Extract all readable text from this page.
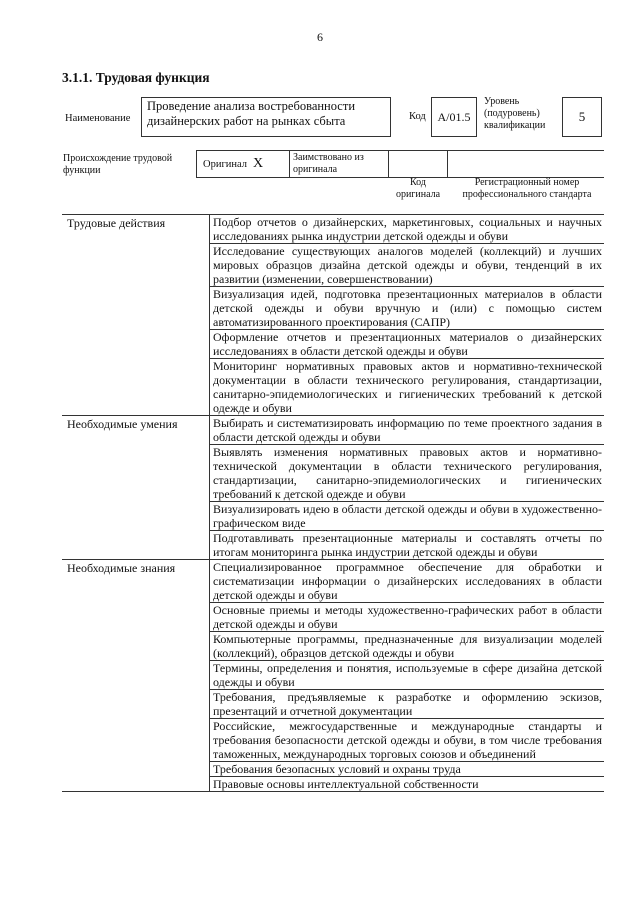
6
3.1.1. Трудовая функция
Наименование
Проведение анализа востребованности дизайнерских работ на рынках сбыта	Код A/01.5
Уровень (подуровень) квалификации
5
Происхождение трудовой функции
Оригинал X	Заимствовано из оригинала
Код оригинала
Регистрационный номер профессионального стандарта
Трудовые действия	Подбор отчетов о дизайнерских, маркетинговых, социальных и научных исследованиях рынка индустрии детской одежды и обуви
Исследование существующих аналогов моделей (коллекций) и лучших мировых образцов дизайна детской одежды и обуви, тенденций в их развитии (изменении, совершенствовании)
Визуализация идей, подготовка презентационных материалов в области детской одежды и обуви вручную и (или) с помощью систем автоматизированного проектирования (САПР)
Оформление отчетов и презентационных материалов о дизайнерских исследованиях в области детской одежды и обуви
Мониторинг нормативных правовых актов и нормативно-технической документации в области технического регулирования, стандартизации, санитарно-эпидемиологических и гигиенических требований к детской одежде и обуви
Необходимые умения	Выбирать и систематизировать информацию по теме проектного задания в области детской одежды и обуви
Выявлять изменения нормативных правовых актов и нормативно-технической документации в области технического регулирования, стандартизации, санитарно-эпидемиологических и гигиенических требований к детской одежде и обуви
Визуализировать идею в области детской одежды и обуви в художественно-графическом виде
Подготавливать презентационные материалы и составлять отчеты по итогам мониторинга рынка индустрии детской одежды и обуви
Необходимые знания	Специализированное программное обеспечение для обработки и систематизации информации о дизайнерских исследованиях в области детской одежды и обуви
Основные приемы и методы художественно-графических работ в области детской одежды и обуви
Компьютерные программы, предназначенные для визуализации моделей (коллекций), образцов детской одежды и обуви
Термины, определения и понятия, используемые в сфере дизайна детской одежды и обуви
Требования, предъявляемые к разработке и оформлению эскизов, презентаций и отчетной документации
Российские, межгосударственные и международные стандарты и требования безопасности детской одежды и обуви, в том числе требования таможенных, международных торговых союзов и объединений
Требования безопасных условий и охраны труда
Правовые основы интеллектуальной собственности
